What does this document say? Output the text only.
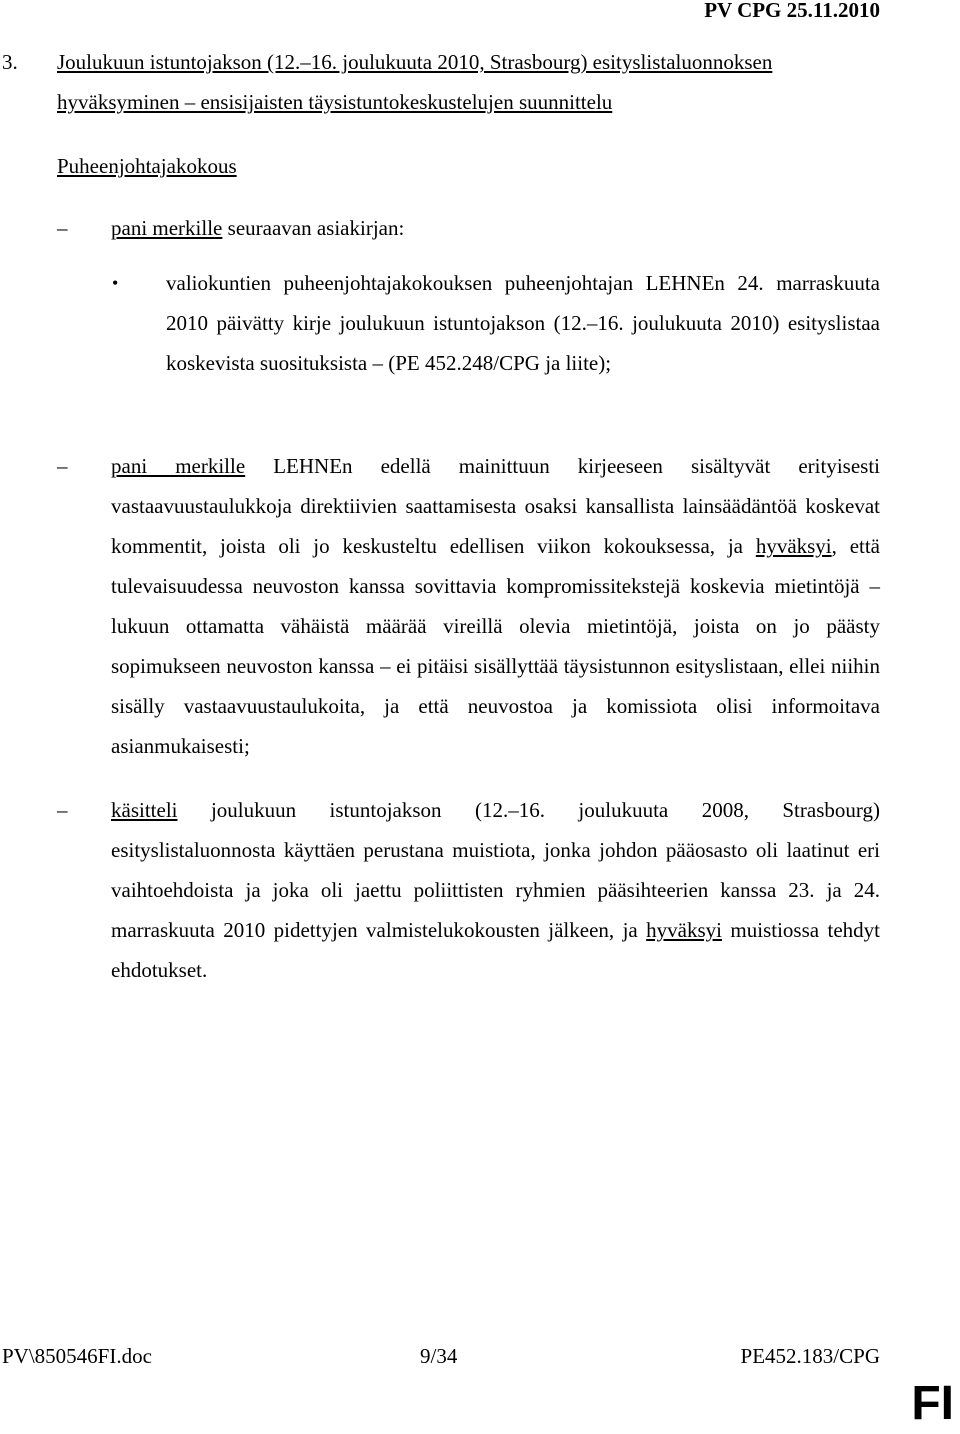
PV CPG 25.11.2010
3. Joulukuun istuntojakson (12.–16. joulukuuta 2010, Strasbourg) esityslistaluonnoksen hyväksyminen – ensisijaisten täysistuntokeskustelujen suunnittelu
Puheenjohtajakokous
– pani merkille seuraavan asiakirjan:
• valiokuntien puheenjohtajakokouksen puheenjohtajan LEHNEn 24. marraskuuta 2010 päivätty kirje joulukuun istuntojakson (12.–16. joulukuuta 2010) esityslistaa koskevista suosituksista – (PE 452.248/CPG ja liite);
– pani merkille LEHNEn edellä mainittuun kirjeeseen sisältyvät erityisesti vastaavuustaulukkoja direktiivien saattamisesta osaksi kansallista lainsäädäntöä koskevat kommentit, joista oli jo keskusteltu edellisen viikon kokouksessa, ja hyväksyi, että tulevaisuudessa neuvoston kanssa sovittavia kompromissitekstejä koskevia mietintöjä – lukuun ottamatta vähäistä määrää vireillä olevia mietintöjä, joista on jo päästy sopimukseen neuvoston kanssa – ei pitäisi sisällyttää täysistunnon esityslistaan, ellei niihin sisälly vastaavuustaulukoita, ja että neuvostoa ja komissiota olisi informoitava asianmukaisesti;
– käsitteli joulukuun istuntojakson (12.–16. joulukuuta 2008, Strasbourg) esityslistaluonnosta käyttäen perustana muistiota, jonka johdon pääosasto oli laatinut eri vaihtoehdoista ja joka oli jaettu poliittisten ryhmien pääsihteerien kanssa 23. ja 24. marraskuuta 2010 pidettyjen valmistelukokousten jälkeen, ja hyväksyi muistiossa tehdyt ehdotukset.
PV\850546FI.doc	9/34	PE452.183/CPG
FI
